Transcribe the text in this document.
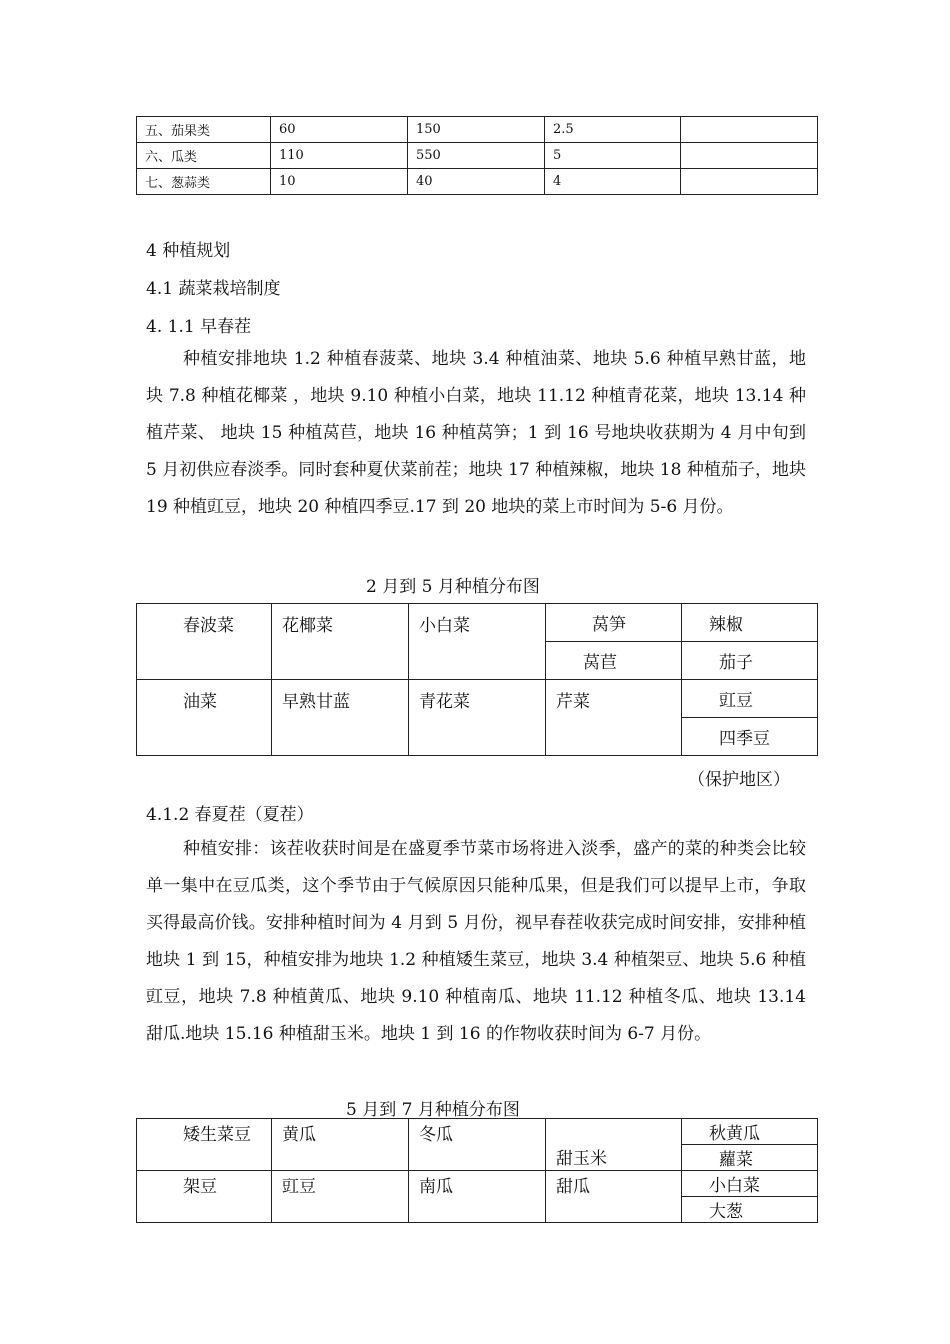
五、茄果类	60	150	2.5	
六、瓜类	110	550	5	
七、葱蒜类	10	40	4	
4 种植规划
4.1 蔬菜栽培制度
4. 1.1 早春茬
种植安排地块 1.2 种植春菠菜、地块 3.4 种植油菜、地块 5.6 种植早熟甘蓝，地块 7.8 种植花椰菜 ，地块 9.10 种植小白菜，地块 11.12 种植青花菜，地块 13.14 种植芹菜、 地块 15 种植莴苣，地块 16 种植莴笋；1 到 16 号地块收获期为 4 月中旬到 5 月初供应春淡季。同时套种夏伏菜前茬；地块 17 种植辣椒，地块 18 种植茄子，地块 19 种植豇豆，地块 20 种植四季豆.17 到 20 地块的菜上市时间为 5-6 月份。
2 月到 5 月种植分布图
春波菜	花椰菜	小白菜	莴笋	辣椒
			莴苣	茄子
油菜	早熟甘蓝	青花菜	芹菜	豇豆
				四季豆
（保护地区）
4.1.2 春夏茬（夏茬）
种植安排：该茬收获时间是在盛夏季节菜市场将进入淡季，盛产的菜的种类会比较单一集中在豆瓜类，这个季节由于气候原因只能种瓜果，但是我们可以提早上市，争取买得最高价钱。安排种植时间为 4 月到 5 月份，视早春茬收获完成时间安排，安排种植地块 1 到 15，种植安排为地块 1.2 种植矮生菜豆，地块 3.4 种植架豆、地块 5.6 种植豇豆，地块 7.8 种植黄瓜、地块 9.10 种植南瓜、地块 11.12 种植冬瓜、地块 13.14 甜瓜.地块 15.16 种植甜玉米。地块 1 到 16 的作物收获时间为 6-7 月份。
5 月到 7 月种植分布图
矮生菜豆	黄瓜	冬瓜	甜玉米	秋黄瓜
				蘿菜
架豆	豇豆	南瓜	甜瓜	小白菜
				大葱
